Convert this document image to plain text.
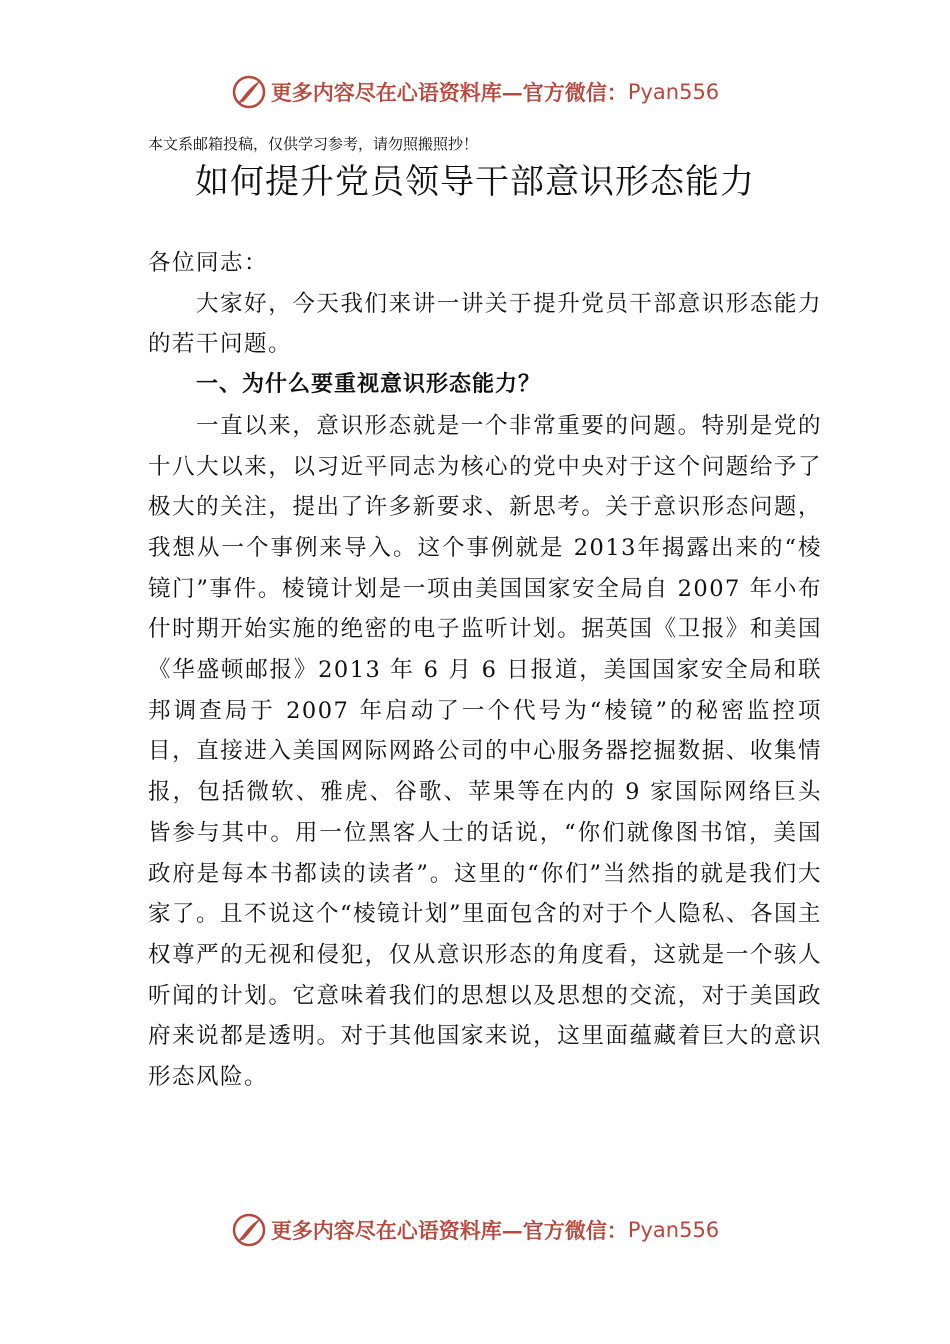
更多内容尽在心语资料库—官方微信： Pyan556
本文系邮箱投稿，仅供学习参考，请勿照搬照抄！
如何提升党员领导干部意识形态能力

各位同志：

大家好，今天我们来讲一讲关于提升党员干部意识形态能力的若干问题。

一、为什么要重视意识形态能力？

一直以来，意识形态就是一个非常重要的问题。特别是党的十八大以来，以习近平同志为核心的党中央对于这个问题给予了极大的关注，提出了许多新要求、新思考。关于意识形态问题，我想从一个事例来导入。这个事例就是 2013年揭露出来的“棱镜门”事件。棱镜计划是一项由美国国家安全局自 2007 年小布什时期开始实施的绝密的电子监听计划。据英国《卫报》和美国《华盛顿邮报》2013 年 6 月 6 日报道，美国国家安全局和联邦调查局于 2007 年启动了一个代号为“棱镜”的秘密监控项目，直接进入美国网际网路公司的中心服务器挖掘数据、收集情报，包括微软、雅虎、谷歌、苹果等在内的 9 家国际网络巨头皆参与其中。用一位黑客人士的话说，“你们就像图书馆，美国政府是每本书都读的读者”。这里的“你们”当然指的就是我们大家了。且不说这个“棱镜计划”里面包含的对于个人隐私、各国主权尊严的无视和侵犯，仅从意识形态的角度看，这就是一个骇人听闻的计划。它意味着我们的思想以及思想的交流，对于美国政府来说都是透明。对于其他国家来说，这里面蕴藏着巨大的意识形态风险。

更多内容尽在心语资料库—官方微信： Pyan556
